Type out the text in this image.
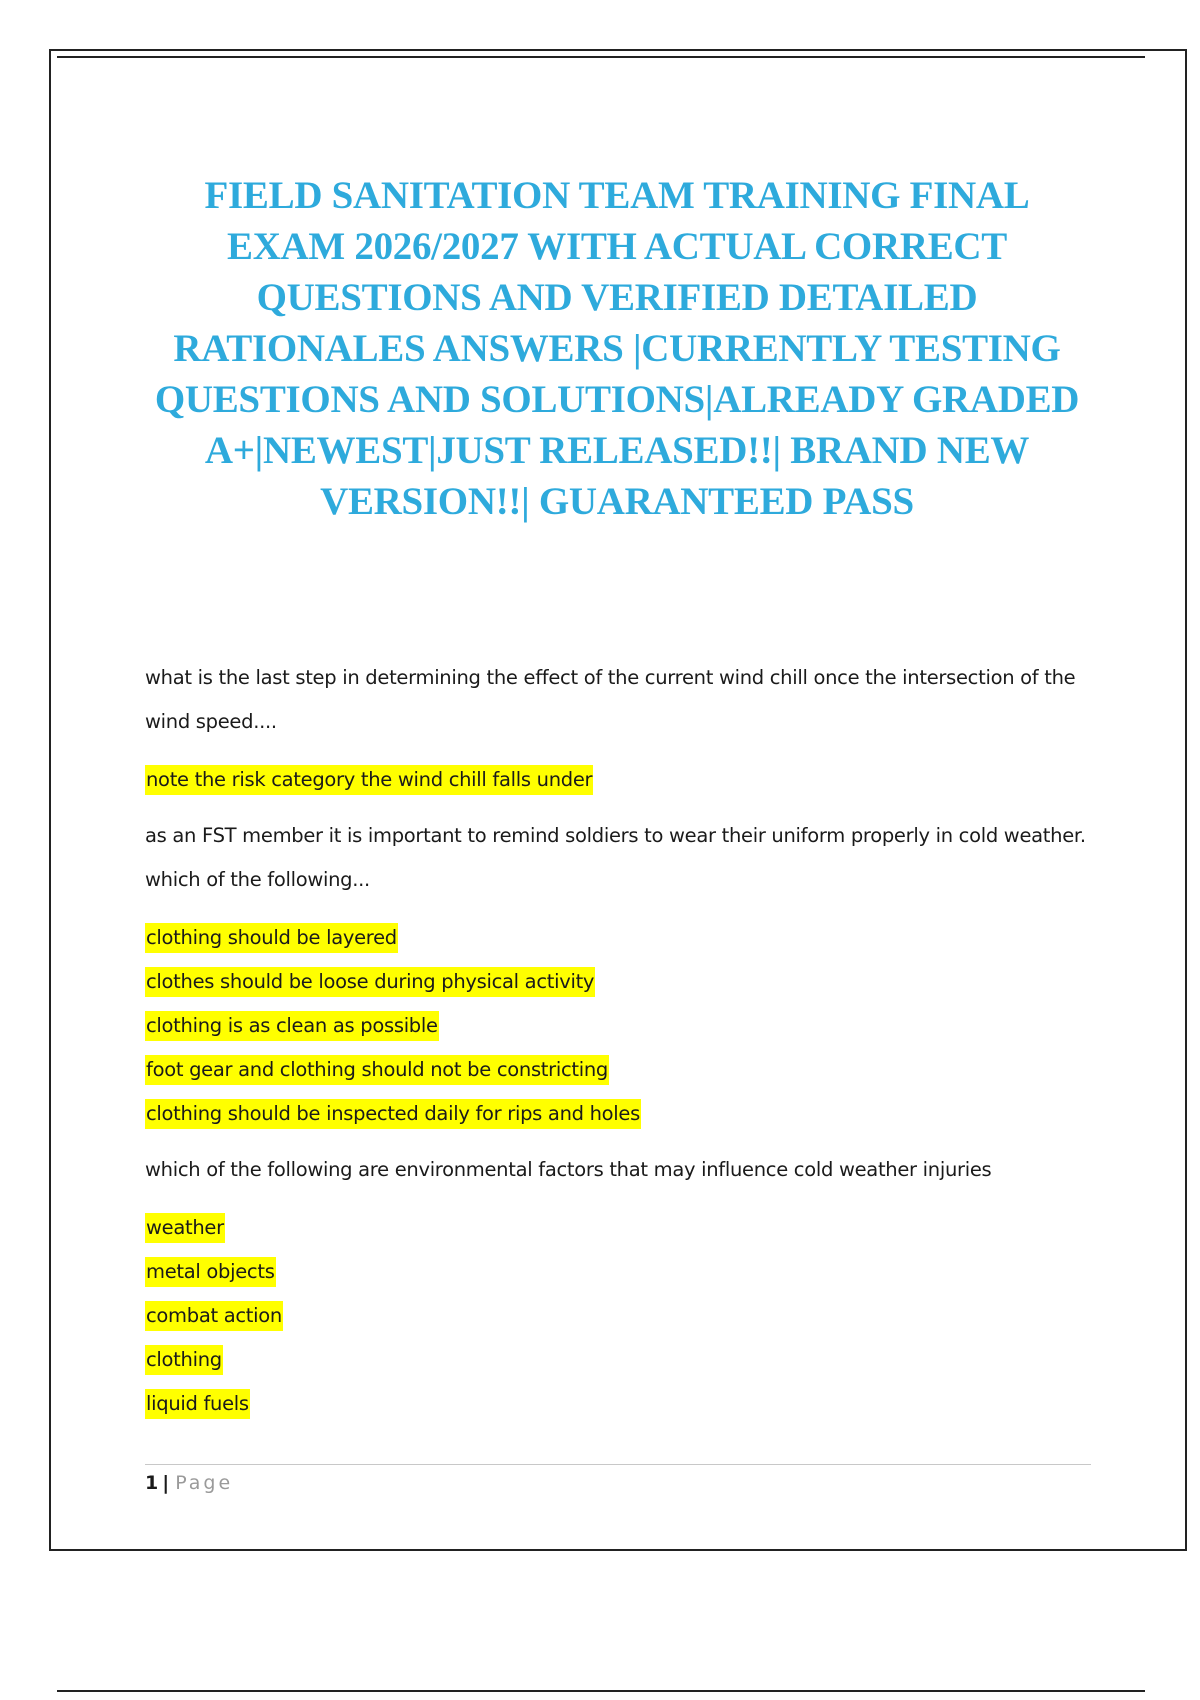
FIELD SANITATION TEAM TRAINING FINAL EXAM 2026/2027 WITH ACTUAL CORRECT QUESTIONS AND VERIFIED DETAILED RATIONALES ANSWERS |CURRENTLY TESTING QUESTIONS AND SOLUTIONS|ALREADY GRADED A+|NEWEST|JUST RELEASED!!| BRAND NEW VERSION!!| GUARANTEED PASS

what is the last step in determining the effect of the current wind chill once the intersection of the wind speed....

note the risk category the wind chill falls under

as an FST member it is important to remind soldiers to wear their uniform properly in cold weather. which of the following...

clothing should be layered
clothes should be loose during physical activity
clothing is as clean as possible
foot gear and clothing should not be constricting
clothing should be inspected daily for rips and holes

which of the following are environmental factors that may influence cold weather injuries

weather
metal objects
combat action
clothing
liquid fuels
1 | Page
